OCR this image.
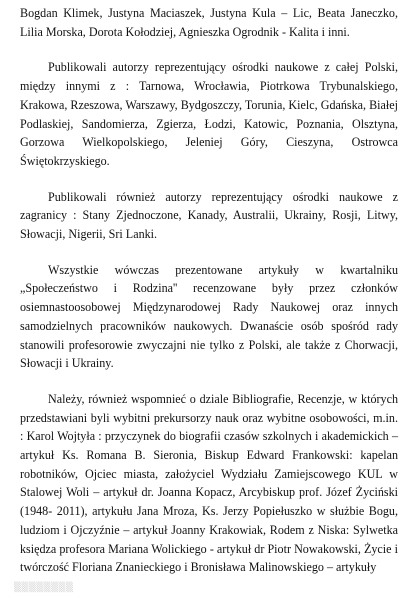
Bogdan Klimek, Justyna Maciaszek, Justyna Kula – Lic, Beata Janeczko, Lilia Morska, Dorota Kołodziej, Agnieszka Ogrodnik - Kalita i inni.

Publikowali autorzy reprezentujący ośrodki naukowe z całej Polski, między innymi z : Tarnowa, Wrocławia, Piotrkowa Trybunalskiego, Krakowa, Rzeszowa, Warszawy, Bydgoszczy, Torunia, Kielc, Gdańska, Białej Podlaskiej, Sandomierza, Zgierza, Łodzi, Katowic, Poznania, Olsztyna, Gorzowa Wielkopolskiego, Jeleniej Góry, Cieszyna, Ostrowca Świętokrzyskiego.

Publikowali również autorzy reprezentujący ośrodki naukowe z zagranicy : Stany Zjednoczone, Kanady, Australii, Ukrainy, Rosji, Litwy, Słowacji, Nigerii, Sri Lanki.

Wszystkie wówczas prezentowane artykuły w kwartalniku „Społeczeństwo i Rodzina'' recenzowane były przez członków osiemnastoosobowej Międzynarodowej Rady Naukowej oraz innych samodzielnych pracowników naukowych. Dwanaście osób spośród rady stanowili profesorowie zwyczajni nie tylko z Polski, ale także z Chorwacji, Słowacji i Ukrainy.

Należy, również wspomnieć o dziale Bibliografie, Recenzje, w których przedstawiani byli wybitni prekursorzy nauk oraz wybitne osobowości, m.in. : Karol Wojtyła : przyczynek do biografii czasów szkolnych i akademickich – artykuł Ks. Romana B. Sieronia, Biskup Edward Frankowski: kapelan robotników, Ojciec miasta, założyciel Wydziału Zamiejscowego KUL w Stalowej Woli – artykuł dr. Joanna Kopacz, Arcybiskup prof. Józef Życiński (1948- 2011), artykułu Jana Mroza, Ks. Jerzy Popiełuszko w służbie Bogu, ludziom i Ojczyźnie – artykuł Joanny Krakowiak, Rodem z Niska: Sylwetka księdza profesora Mariana Wolickiego - artykuł dr Piotr Nowakowski, Życie i twórczość Floriana Znanieckiego i Bronisława Malinowskiego – artykuły

▒▒▒▒▒▒▒▒
